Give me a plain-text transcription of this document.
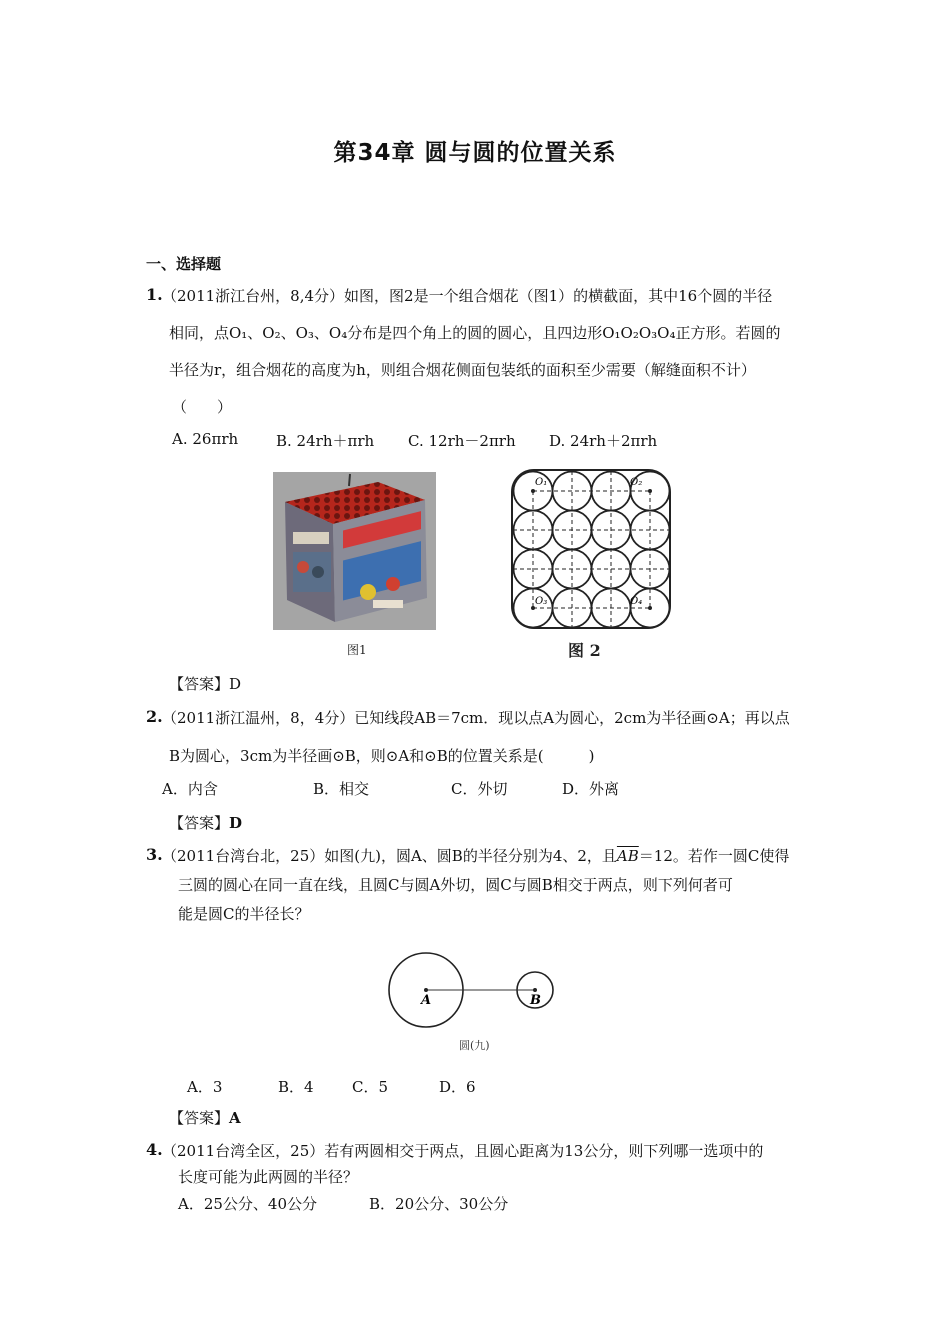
第34章 圆与圆的位置关系
一、选择题
1. （2011浙江台州，8,4分）如图，图2是一个组合烟花（图1）的横截面，其中16个圆的半径
相同，点O₁、O₂、O₃、O₄分布是四个角上的圆的圆心，且四边形O₁O₂O₃O₄正方形。若圆的
半径为r，组合烟花的高度为h，则组合烟花侧面包装纸的面积至少需要（解缝面积不计）
（　　）
A. 26πrh	B. 24rh＋πrh C. 12rh－2πrh D. 24rh＋2πrh
图1
O₁	O₂
O₃	O₄
图 2
【答案】D
2. （2011浙江温州，8，4分）已知线段AB＝7cm．现以点A为圆心，2cm为半径画⊙A；再以点
B为圆心，3cm为半径画⊙B，则⊙A和⊙B的位置关系是(　　　)
A．内含	B．相交	C．外切	D．外离
【答案】D
3. （2011台湾台北，25）如图(九)，圆A、圆B的半径分别为4、2，且$\overline{AB}=12$。若作一圆C使得
三圆的圆心在同一直在线，且圆C与圆A外切，圆C与圆B相交于两点，则下列何者可
能是圆C的半径长？
A	B
圆(九)
A．3	B．4	C．5	D．6
【答案】A
4. （2011台湾全区，25）若有两圆相交于两点，且圆心距离为13公分，则下列哪一选项中的
长度可能为此两圆的半径？
A．25公分、40公分	B．20公分、30公分
